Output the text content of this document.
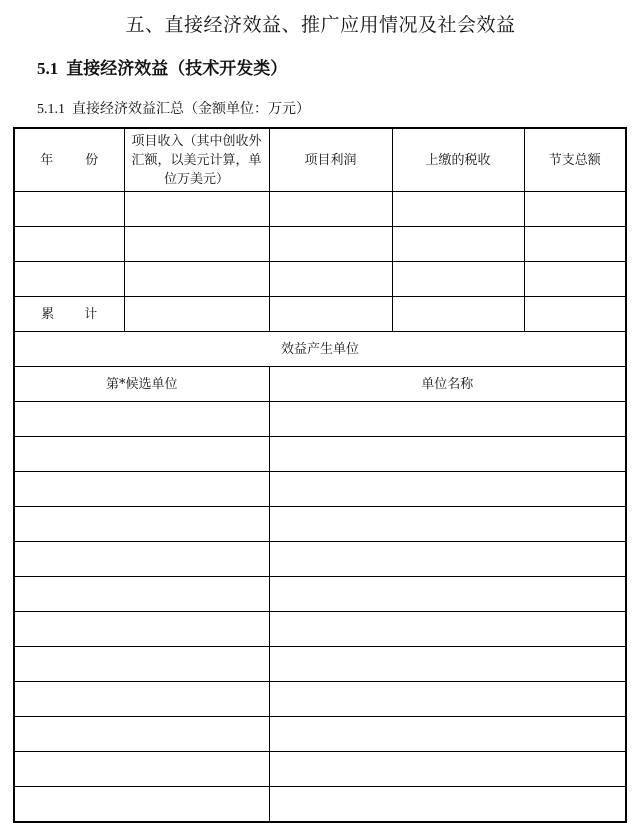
五、直接经济效益、推广应用情况及社会效益
5.1 直接经济效益（技术开发类）

5.1.1 直接经济效益汇总（金额单位：万元）

年 份	项目收入（其中创收外汇额，以美元计算，单位万美元）	项目利润	上缴的税收	节支总额

累 计				
效益产生单位				
第*候选单位		单位名称		
